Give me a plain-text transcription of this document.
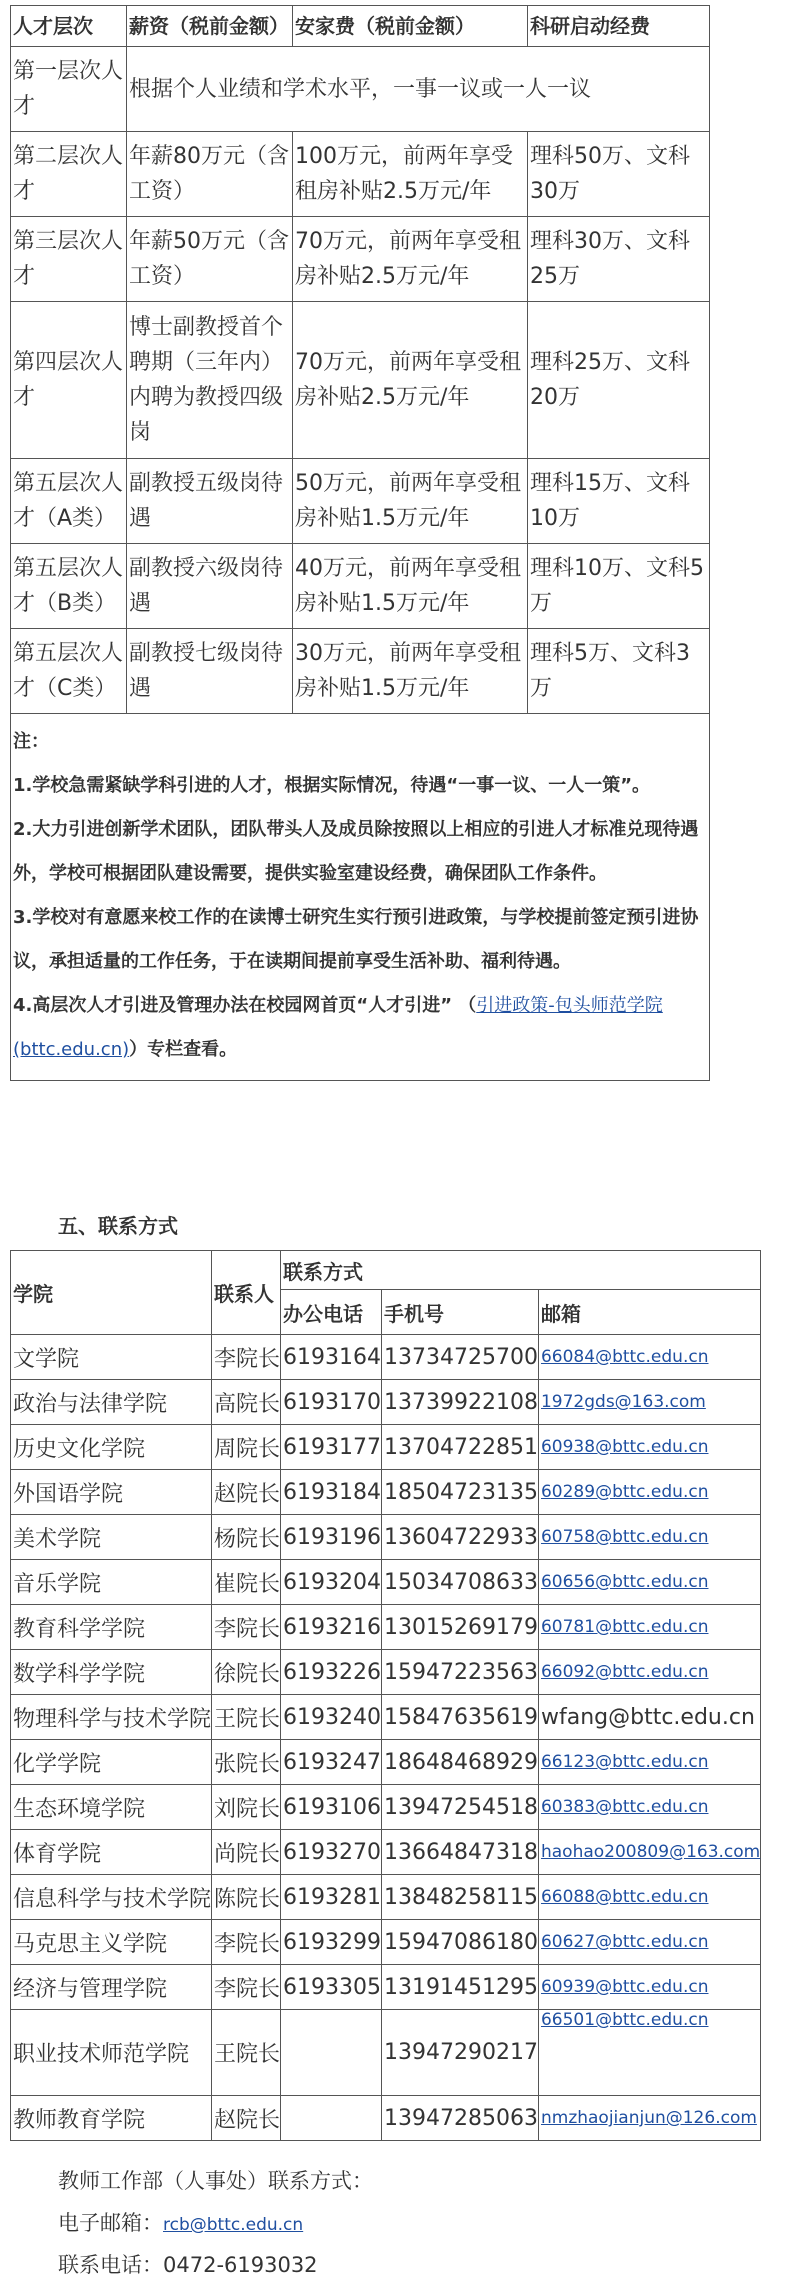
人才层次	薪资（税前金额）	安家费（税前金额）	科研启动经费
第一层次人才	根据个人业绩和学术水平，一事一议或一人一议		
第二层次人才	年薪80万元（含工资）	100万元，前两年享受租房补贴2.5万元/年	理科50万、文科30万
第三层次人才	年薪50万元（含工资）	70万元，前两年享受租房补贴2.5万元/年	理科30万、文科25万
第四层次人才	博士副教授首个聘期（三年内）内聘为教授四级岗	70万元，前两年享受租房补贴2.5万元/年	理科25万、文科20万
第五层次人才（A类）	副教授五级岗待遇	50万元，前两年享受租房补贴1.5万元/年	理科15万、文科10万
第五层次人才（B类）	副教授六级岗待遇	40万元，前两年享受租房补贴1.5万元/年	理科10万、文科5万
第五层次人才（C类）	副教授七级岗待遇	30万元，前两年享受租房补贴1.5万元/年	理科5万、文科3万

注：

1.学校急需紧缺学科引进的人才，根据实际情况，待遇“一事一议、一人一策”。

2.大力引进创新学术团队，团队带头人及成员除按照以上相应的引进人才标准兑现待遇外，学校可根据团队建设需要，提供实验室建设经费，确保团队工作条件。

3.学校对有意愿来校工作的在读博士研究生实行预引进政策，与学校提前签定预引进协议，承担适量的工作任务，于在读期间提前享受生活补助、福利待遇。

4.高层次人才引进及管理办法在校园网首页“人才引进” （引进政策-包头师范学院 (bttc.edu.cn)）专栏查看。			

五、联系方式
学院	联系人	联系方式		
		办公电话	手机号	邮箱
文学院	李院长	6193164	13734725700	66084@bttc.edu.cn
政治与法律学院	高院长	6193170	13739922108	1972gds@163.com
历史文化学院	周院长	6193177	13704722851	60938@bttc.edu.cn
外国语学院	赵院长	6193184	18504723135	60289@bttc.edu.cn
美术学院	杨院长	6193196	13604722933	60758@bttc.edu.cn
音乐学院	崔院长	6193204	15034708633	60656@bttc.edu.cn
教育科学学院	李院长	6193216	13015269179	60781@bttc.edu.cn
数学科学学院	徐院长	6193226	15947223563	66092@bttc.edu.cn
物理科学与技术学院	王院长	6193240	15847635619	wfang@bttc.edu.cn
化学学院	张院长	6193247	18648468929	66123@bttc.edu.cn
生态环境学院	刘院长	6193106	13947254518	60383@bttc.edu.cn
体育学院	尚院长	6193270	13664847318	haohao200809@163.com
信息科学与技术学院	陈院长	6193281	13848258115	66088@bttc.edu.cn
马克思主义学院	李院长	6193299	15947086180	60627@bttc.edu.cn
经济与管理学院	李院长	6193305	13191451295	60939@bttc.edu.cn
职业技术师范学院	王院长		13947290217	66501@bttc.edu.cn
教师教育学院	赵院长		13947285063	nmzhaojianjun@126.com
教师工作部（人事处）联系方式：
电子邮箱：rcb@bttc.edu.cn
联系电话：0472-6193032
